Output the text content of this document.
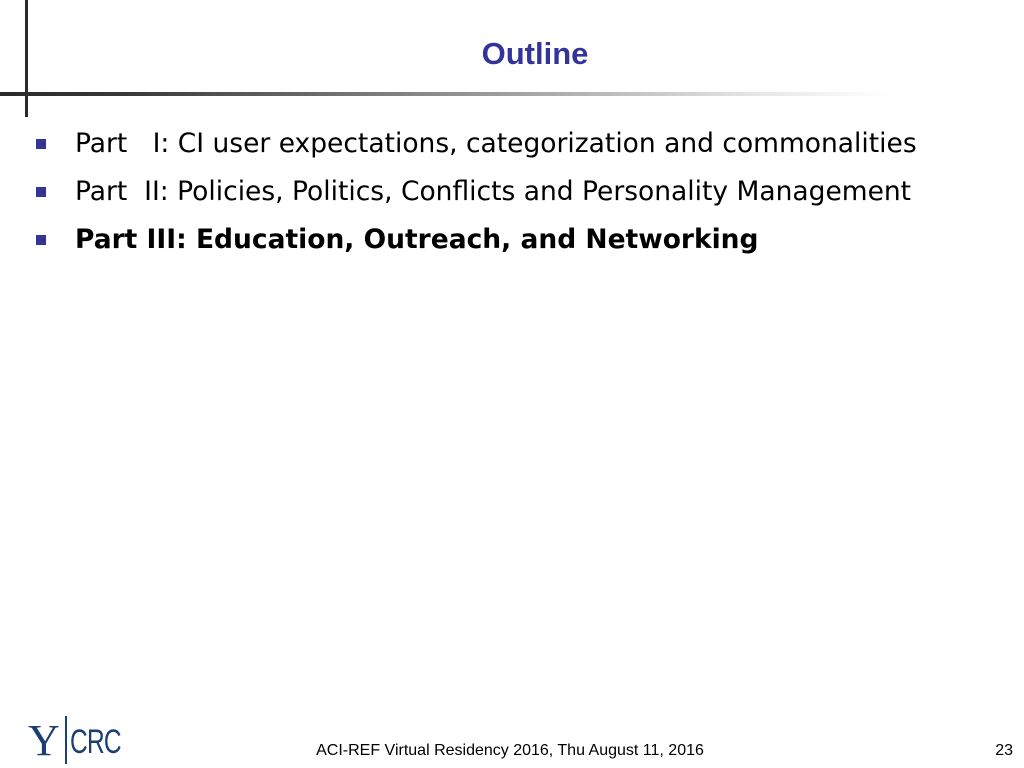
Outline

Part   I: CI user expectations, categorization and commonalities

Part  II: Policies, Politics, Conflicts and Personality Management

Part III: Education, Outreach, and Networking

Y CRC	ACI-REF Virtual Residency 2016, Thu August 11, 2016	23
